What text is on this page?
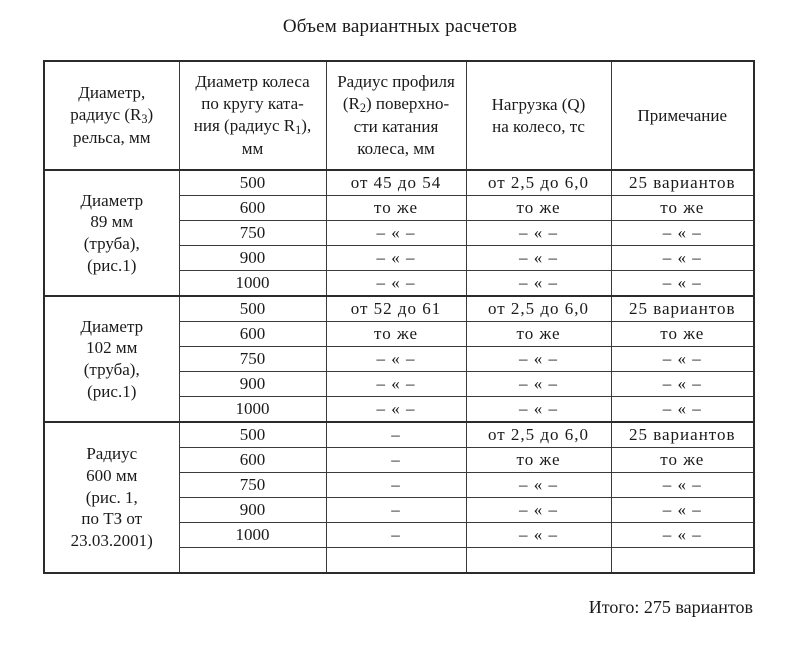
Объем вариантных расчетов
Диаметр,
радиус $(R_3)$
рельса, мм	Диаметр колеса
по кругу ката-
ния (радиус $R_1$),
мм	Радиус профиля
$(R_2)$ поверхно-
сти катания
колеса, мм	Нагрузка (Q)
на колесо, тс	Примечание

Диаметр
89 мм
(труба),
(рис.1)	500	от 45 до 54	от 2,5 до 6,0	25 вариантов
	600	то же	то же	то же
	750	– « –	– « –	– « –
	900	– « –	– « –	– « –
	1000	– « –	– « –	– « –

Диаметр
102 мм
(труба),
(рис.1)	500	от 52 до 61	от 2,5 до 6,0	25 вариантов
	600	то же	то же	то же
	750	– « –	– « –	– « –
	900	– « –	– « –	– « –
	1000	– « –	– « –	– « –

Радиус
600 мм
(рис. 1,
по ТЗ от
23.03.2001)	500	–	от 2,5 до 6,0	25 вариантов
	600	–	то же	то же
	750	–	– « –	– « –
	900	–	– « –	– « –
	1000	–	– « –	– « –

Итого: 275 вариантов
